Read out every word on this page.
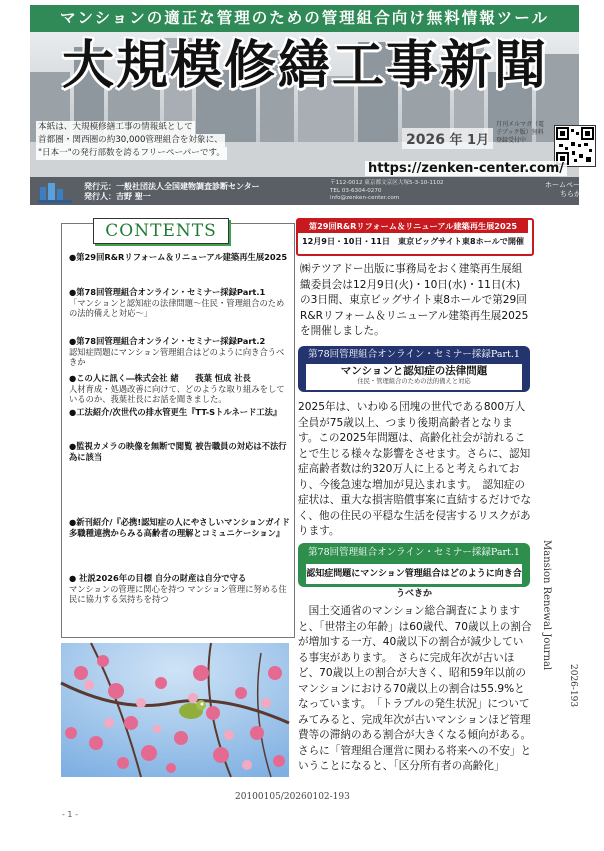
マンションの適正な管理のための管理組合向け無料情報ツール
大規模修繕工事新聞
本紙は、大規模修繕工事の情報紙として
首都圏・関西圏の約30,000管理組合を対象に、
"日本一"の発行部数を誇るフリーペーパーです。
2026 年 1月
月刊メルマガ（電子ブック版）無料登録受付中
https://zenken-center.com/
発行元：一般社団法人全国建物調査診断センター
発行人：吉野 聖一
〒112-0012 東京都文京区大塚5-3-10-1102
TEL 03-6304-0270
info@zenken-center.com
ホームページは こちらから
CONTENTS
●第29回R&Rリフォーム＆リニューアル建築再生展2025
●第78回管理組合オンライン・セミナー採録Part.1
「マンションと認知症の法律問題〜住民・管理組合のための法的備えと対応〜」
●第78回管理組合オンライン・セミナー採録Part.2
認知症問題にマンション管理組合はどのように向き合うべきか
●この人に訊く―株式会社 緒　　莪葉 恒成 社長
人材育成・処遇改善に向けて、どのような取り組みをしているのか、莪葉社長にお話を聞きました。
●工法紹介/次世代の排水管更生『TT-Sトルネード工法』
●監視カメラの映像を無断で閲覧 被告職員の対応は不法行為に該当
●新刊紹介/『必携!認知症の人にやさしいマンションガイド 多職種連携からみる高齢者の理解とコミュニケーション』
● 社説2026年の目標 自分の財産は自分で守る
マンションの管理に関心を持つ マンション管理に努める住民に協力する気持ちを持つ
第29回R&Rリフォーム＆リニューアル建築再生展2025
12月9日・10日・11日　東京ビッグサイト東8ホールで開催
㈱テツアドー出版に事務局をおく建築再生展組織委員会は12月9日(火)・10日(水)・11日(木)の3日間、東京ビッグサイト東8ホールで第29回R&Rリフォーム＆リニューアル建築再生展2025を開催しました。
第78回管理組合オンライン・セミナー採録Part.1
マンションと認知症の法律問題
住民・管理組合のための法的備えと対応
2025年は、いわゆる団塊の世代である800万人全員が75歳以上、つまり後期高齢者となります。この2025年問題は、高齢化社会が訪れることで生じる様々な影響をさせます。さらに、認知症高齢者数は約320万人に上ると考えられており、今後急速な増加が見込まれます。　認知症の症状は、重大な損害賠償事案に直結するだけでなく、他の住民の平穏な生活を侵害するリスクがあります。
第78回管理組合オンライン・セミナー採録Part.1
認知症問題にマンション管理組合はどのように向き合うべきか
　国土交通省のマンション総合調査によりますと、「世帯主の年齢」は60歳代、70歳以上の割合が増加する一方、40歳以下の割合が減少している事実があります。　さらに完成年次が古いほど、70歳以上の割合が大きく、昭和59年以前のマンションにおける70歳以上の割合は55.9%となっています。　「トラブルの発生状況」についてみてみると、完成年次が古いマンションほど管理費等の滞納のある割合が大きくなる傾向がある。さらに「管理組合運営に関わる将来への不安」ということになると、「区分所有者の高齢化」
Mansion Renewal Journal
2026-193
20100105/20260102-193
- 1 -
